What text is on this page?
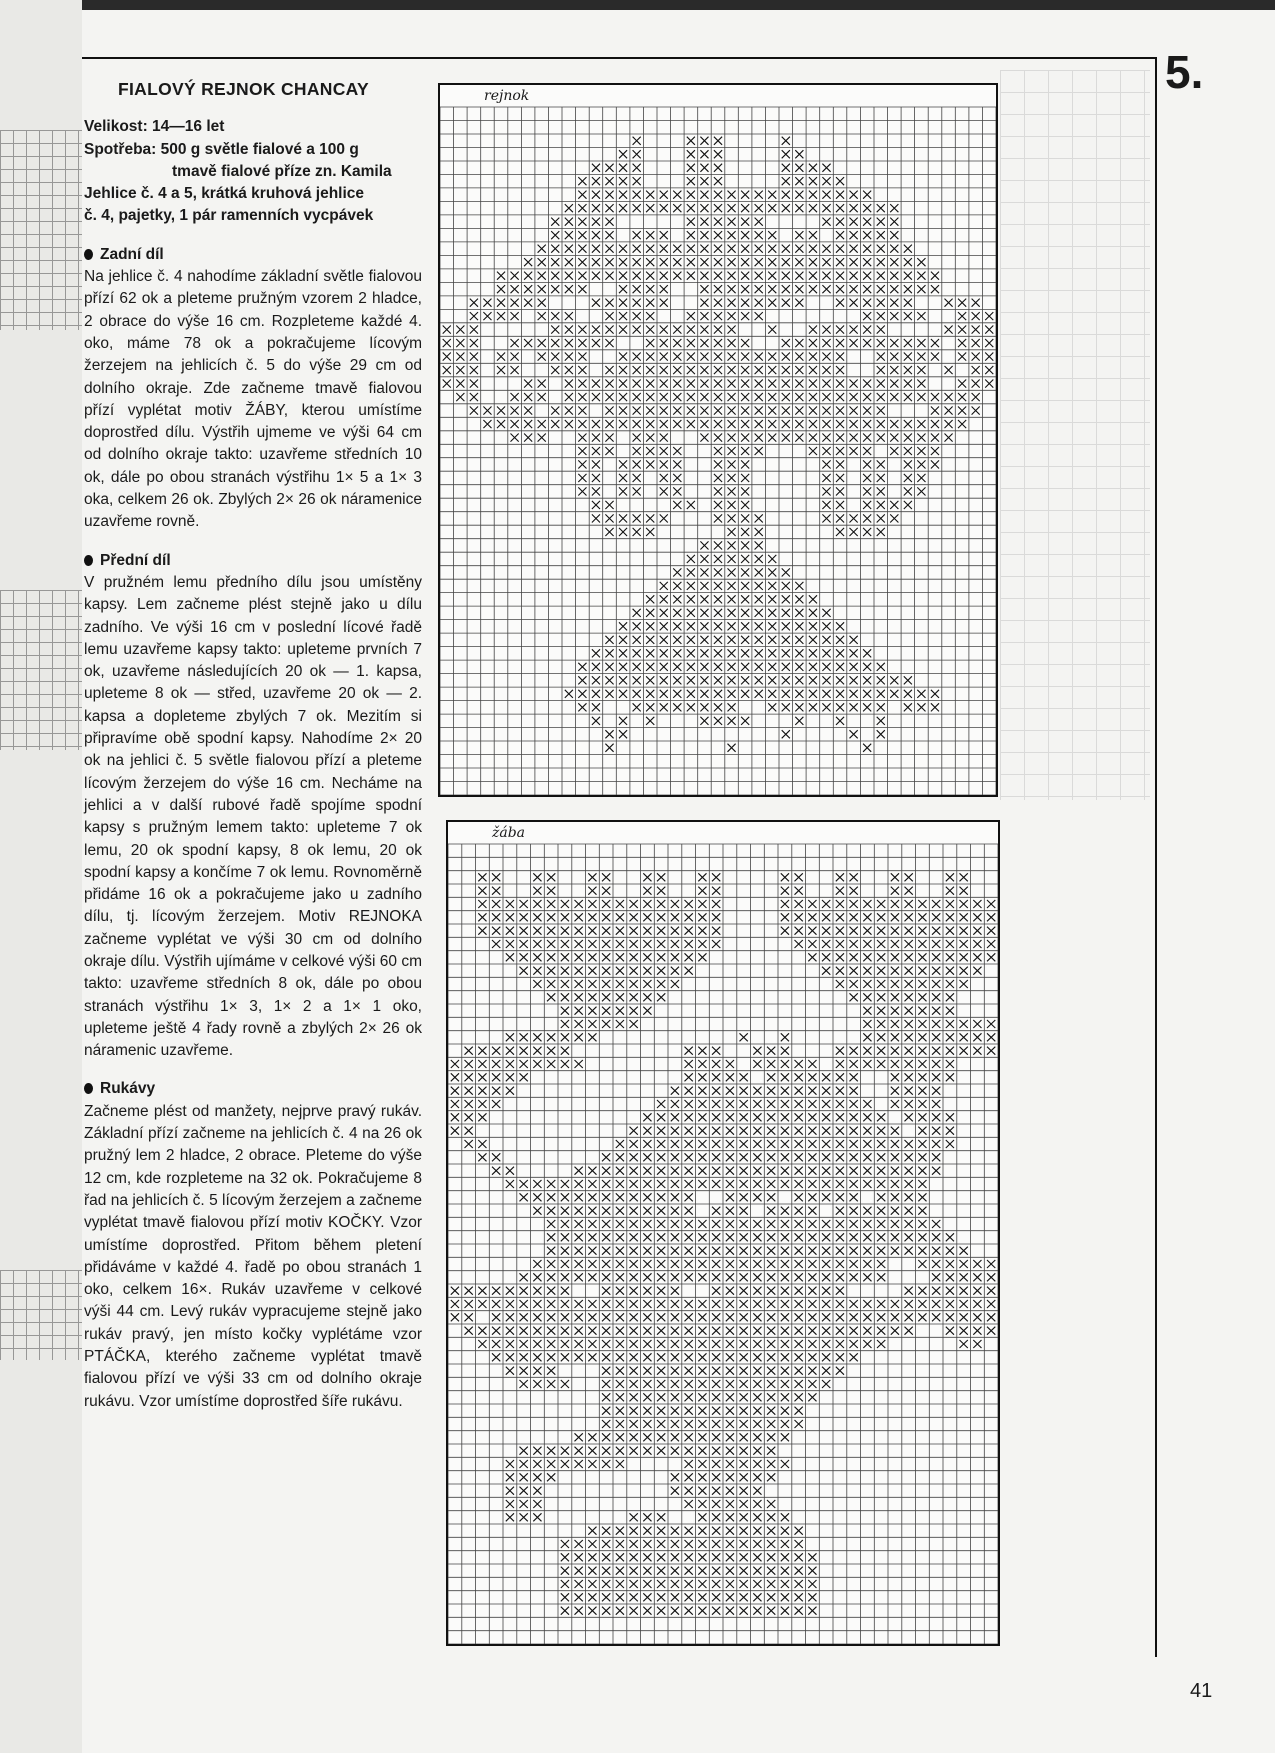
5.
41
FIALOVÝ REJNOK CHANCAY
Velikost: 14—16 let
Spotřeba: 500 g světle fialové a 100 g
tmavě fialové příze zn. Kamila
Jehlice č. 4 a 5, krátká kruhová jehlice
č. 4, pajetky, 1 pár ramenních vycpávek
Zadní díl
Na jehlice č. 4 nahodíme základní světle fialovou přízí 62 ok a pleteme pružným vzorem 2 hladce, 2 obrace do výše 16 cm. Rozpleteme každé 4. oko, máme 78 ok a pokračujeme lícovým žerzejem na jehlicích č. 5 do výše 29 cm od dolního okraje. Zde začneme tmavě fialovou přízí vyplétat motiv ŽÁBY, kterou umístíme doprostřed dílu. Výstřih ujmeme ve výši 64 cm od dolního okraje takto: uzavřeme středních 10 ok, dále po obou stranách výstřihu 1× 5 a 1× 3 oka, celkem 26 ok. Zbylých 2× 26 ok náramenice uzavřeme rovně.
Přední díl
V pružném lemu předního dílu jsou umístěny kapsy. Lem začneme plést stejně jako u dílu zadního. Ve výši 16 cm v poslední lícové řadě lemu uzavřeme kapsy takto: upleteme prvních 7 ok, uzavřeme následujících 20 ok — 1. kapsa, upleteme 8 ok — střed, uzavřeme 20 ok — 2. kapsa a dopleteme zbylých 7 ok. Mezitím si připravíme obě spodní kapsy. Nahodíme 2× 20 ok na jehlici č. 5 světle fialovou přízí a pleteme lícovým žerzejem do výše 16 cm. Necháme na jehlici a v další rubové řadě spojíme spodní kapsy s pružným lemem takto: upleteme 7 ok lemu, 20 ok spodní kapsy, 8 ok lemu, 20 ok spodní kapsy a končíme 7 ok lemu. Rovnoměrně přidáme 16 ok a pokračujeme jako u zadního dílu, tj. lícovým žerzejem. Motiv REJNOKA začneme vyplétat ve výši 30 cm od dolního okraje dílu. Výstřih ujímáme v celkové výši 60 cm takto: uzavřeme středních 8 ok, dále po obou stranách výstřihu 1× 3, 1× 2 a 1× 1 oko, upleteme ještě 4 řady rovně a zbylých 2× 26 ok náramenic uzavřeme.
Rukávy
Začneme plést od manžety, nejprve pravý rukáv. Základní přízí začneme na jehlicích č. 4 na 26 ok pružný lem 2 hladce, 2 obrace. Pleteme do výše 12 cm, kde rozpleteme na 32 ok. Pokračujeme 8 řad na jehlicích č. 5 lícovým žerzejem a začneme vyplétat tmavě fialovou přízí motiv KOČKY. Vzor umístíme doprostřed. Přitom během pletení přidáváme v každé 4. řadě po obou stranách 1 oko, celkem 16×. Rukáv uzavřeme v celkové výši 44 cm. Levý rukáv vypracujeme stejně jako rukáv pravý, jen místo kočky vyplétáme vzor PTÁČKA, kterého začneme vyplétat tmavě fialovou přízí ve výši 33 cm od dolního okraje rukávu. Vzor umístíme doprostřed šíře rukávu.
rejnok
žába
